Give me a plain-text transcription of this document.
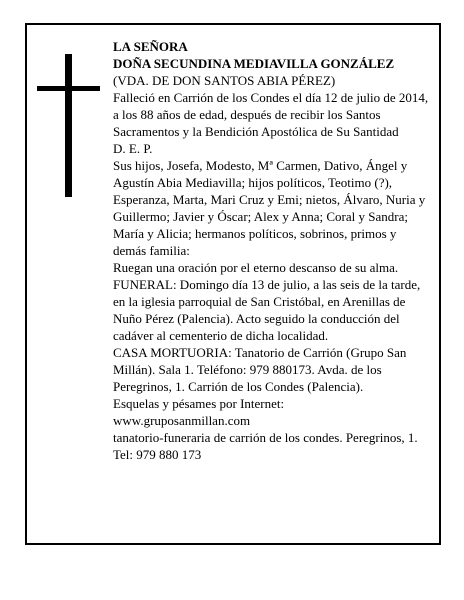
LA SEÑORA

DOÑA SECUNDINA MEDIAVILLA GONZÁLEZ

(VDA. DE DON SANTOS ABIA PÉREZ)

Falleció en Carrión de los Condes el día 12 de julio de 2014, a los 88 años de edad, después de recibir los Santos Sacramentos y la Bendición Apostólica de Su Santidad

D. E. P.

Sus hijos, Josefa, Modesto, Mª Carmen, Dativo, Ángel y Agustín Abia Mediavilla; hijos políticos, Teotimo (?), Esperanza, Marta, Mari Cruz y Emi; nietos, Álvaro, Nuria y Guillermo; Javier y Óscar; Alex y Anna; Coral y Sandra; María y Alicia; hermanos políticos, sobrinos, primos y demás familia:

Ruegan una oración por el eterno descanso de su alma.

FUNERAL: Domingo día 13 de julio, a las seis de la tarde, en la iglesia parroquial de San Cristóbal, en Arenillas de Nuño Pérez (Palencia). Acto seguido la conducción del cadáver al cementerio de dicha localidad.

CASA MORTUORIA: Tanatorio de Carrión (Grupo San Millán). Sala 1. Teléfono: 979 880173. Avda. de los Peregrinos, 1. Carrión de los Condes (Palencia).

Esquelas y pésames por Internet:

www.gruposanmillan.com

tanatorio-funeraria de carrión de los condes. Peregrinos, 1. Tel: 979 880 173
